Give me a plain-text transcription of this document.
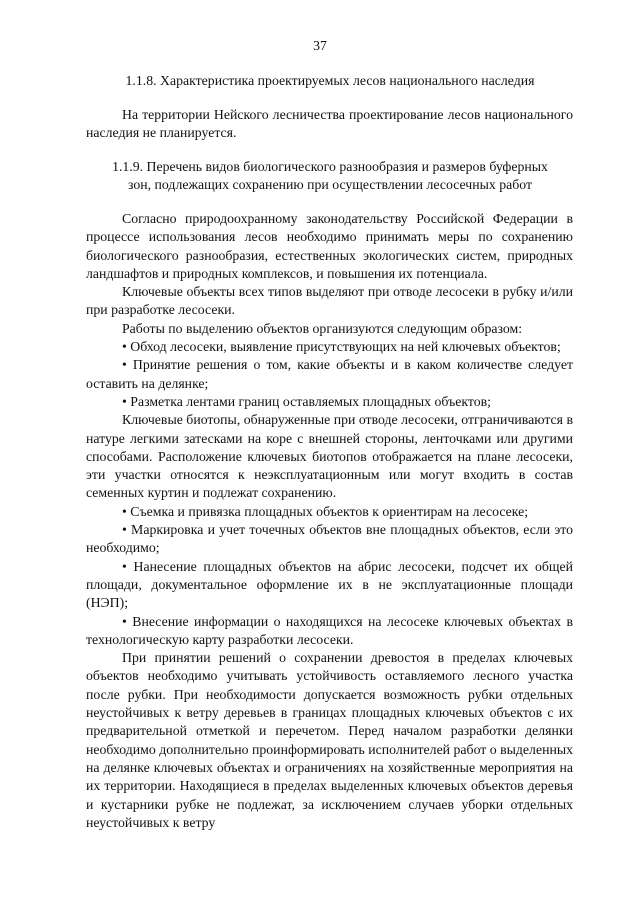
37
1.1.8. Характеристика проектируемых лесов национального наследия
На территории Нейского лесничества проектирование лесов национального наследия не планируется.
1.1.9. Перечень видов биологического разнообразия и размеров буферных
зон, подлежащих сохранению при осуществлении лесосечных работ

Согласно природоохранному законодательству Российской Федерации в процессе использования лесов необходимо принимать меры по сохранению биологического разнообразия, естественных экологических систем, природных ландшафтов и природных комплексов, и повышения их потенциала.

Ключевые объекты всех типов выделяют при отводе лесосеки в рубку и/или при разработке лесосеки.

Работы по выделению объектов организуются следующим образом:

• Обход лесосеки, выявление присутствующих на ней ключевых объектов;

• Принятие решения о том, какие объекты и в каком количестве следует оставить на делянке;

• Разметка лентами границ оставляемых площадных объектов;

Ключевые биотопы, обнаруженные при отводе лесосеки, отграничиваются в натуре легкими затесками на коре с внешней стороны, ленточками или другими способами. Расположение ключевых биотопов отображается на плане лесосеки, эти участки относятся к неэксплуатационным или могут входить в состав семенных куртин и подлежат сохранению.

• Съемка и привязка площадных объектов к ориентирам на лесосеке;

• Маркировка и учет точечных объектов вне площадных объектов, если это необходимо;

• Нанесение площадных объектов на абрис лесосеки, подсчет их общей площади, документальное оформление их в не эксплуатационные площади (НЭП);

• Внесение информации о находящихся на лесосеке ключевых объектах в технологическую карту разработки лесосеки.

При принятии решений о сохранении древостоя в пределах ключевых объектов необходимо учитывать устойчивость оставляемого лесного участка после рубки. При необходимости допускается возможность рубки отдельных неустойчивых к ветру деревьев в границах площадных ключевых объектов с их предварительной отметкой и перечетом. Перед началом разработки делянки необходимо дополнительно проинформировать исполнителей работ о выделенных на делянке ключевых объектах и ограничениях на хозяйственные мероприятия на их территории. Находящиеся в пределах выделенных ключевых объектов деревья и кустарники рубке не подлежат, за исключением случаев уборки отдельных неустойчивых к ветру
